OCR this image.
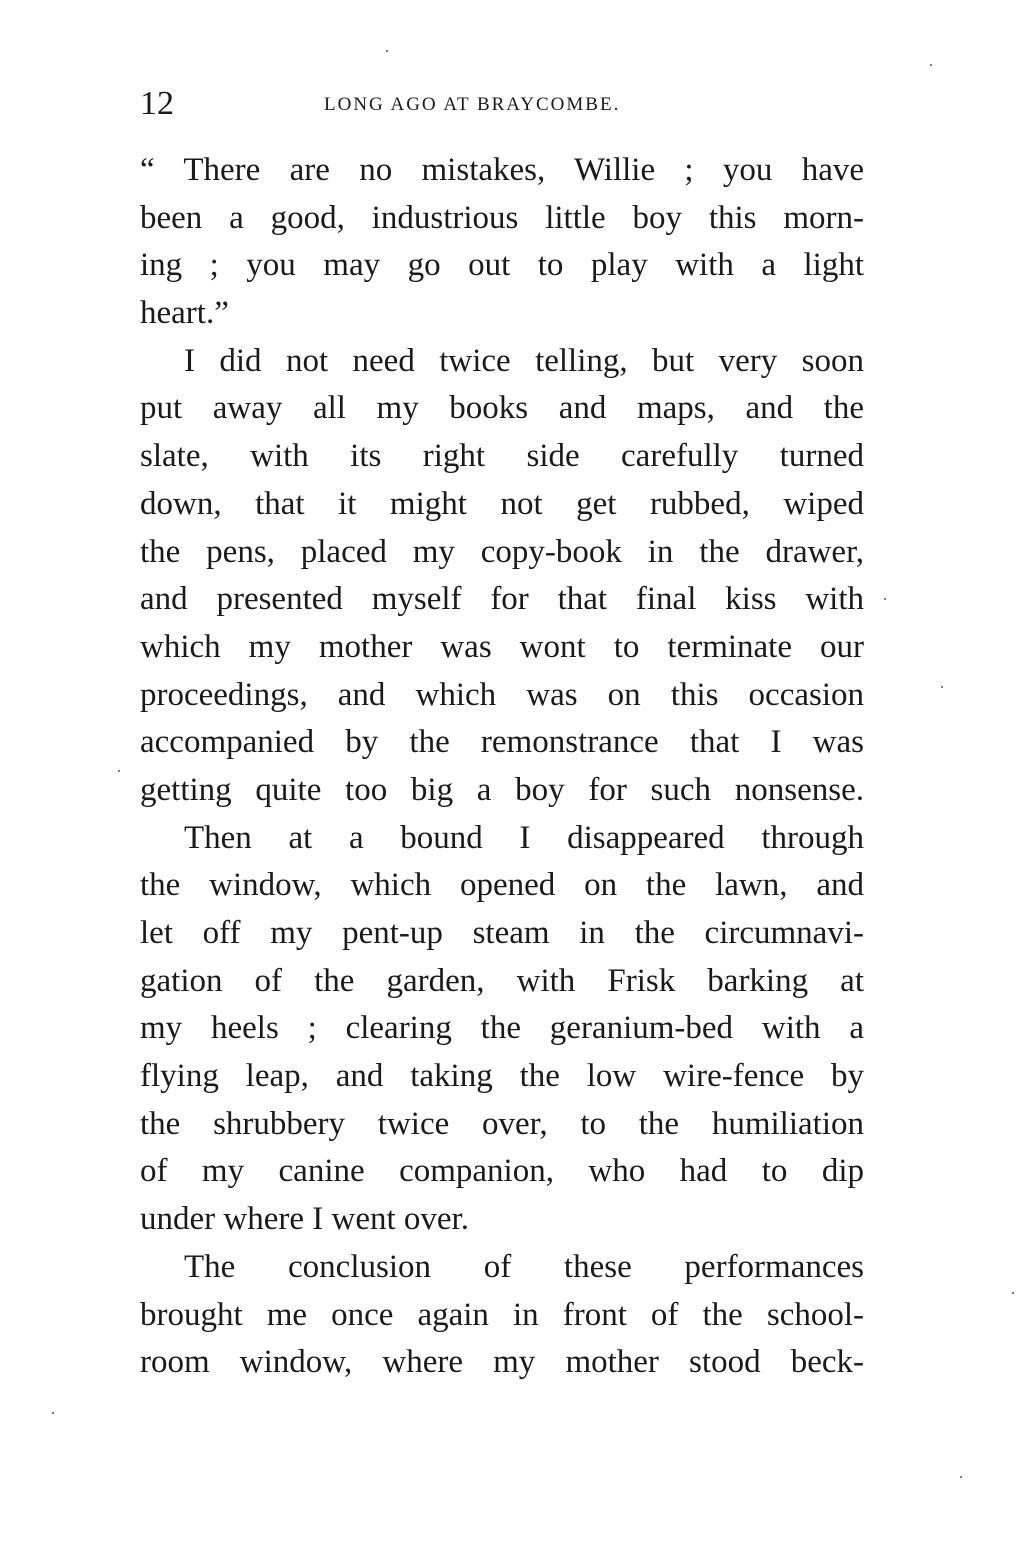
12	LONG AGO AT BRAYCOMBE.
“ There are no mistakes, Willie ; you have
been a good, industrious little boy this morn-
ing ; you may go out to play with a light
heart.”
I did not need twice telling, but very soon
put away all my books and maps, and the
slate, with its right side carefully turned
down, that it might not get rubbed, wiped
the pens, placed my copy-book in the drawer,
and presented myself for that final kiss with
which my mother was wont to terminate our
proceedings, and which was on this occasion
accompanied by the remonstrance that I was
getting quite too big a boy for such nonsense.
Then at a bound I disappeared through
the window, which opened on the lawn, and
let off my pent-up steam in the circumnavi-
gation of the garden, with Frisk barking at
my heels ; clearing the geranium-bed with a
flying leap, and taking the low wire-fence by
the shrubbery twice over, to the humiliation
of my canine companion, who had to dip
under where I went over.
The conclusion of these performances
brought me once again in front of the school-
room window, where my mother stood beck-
